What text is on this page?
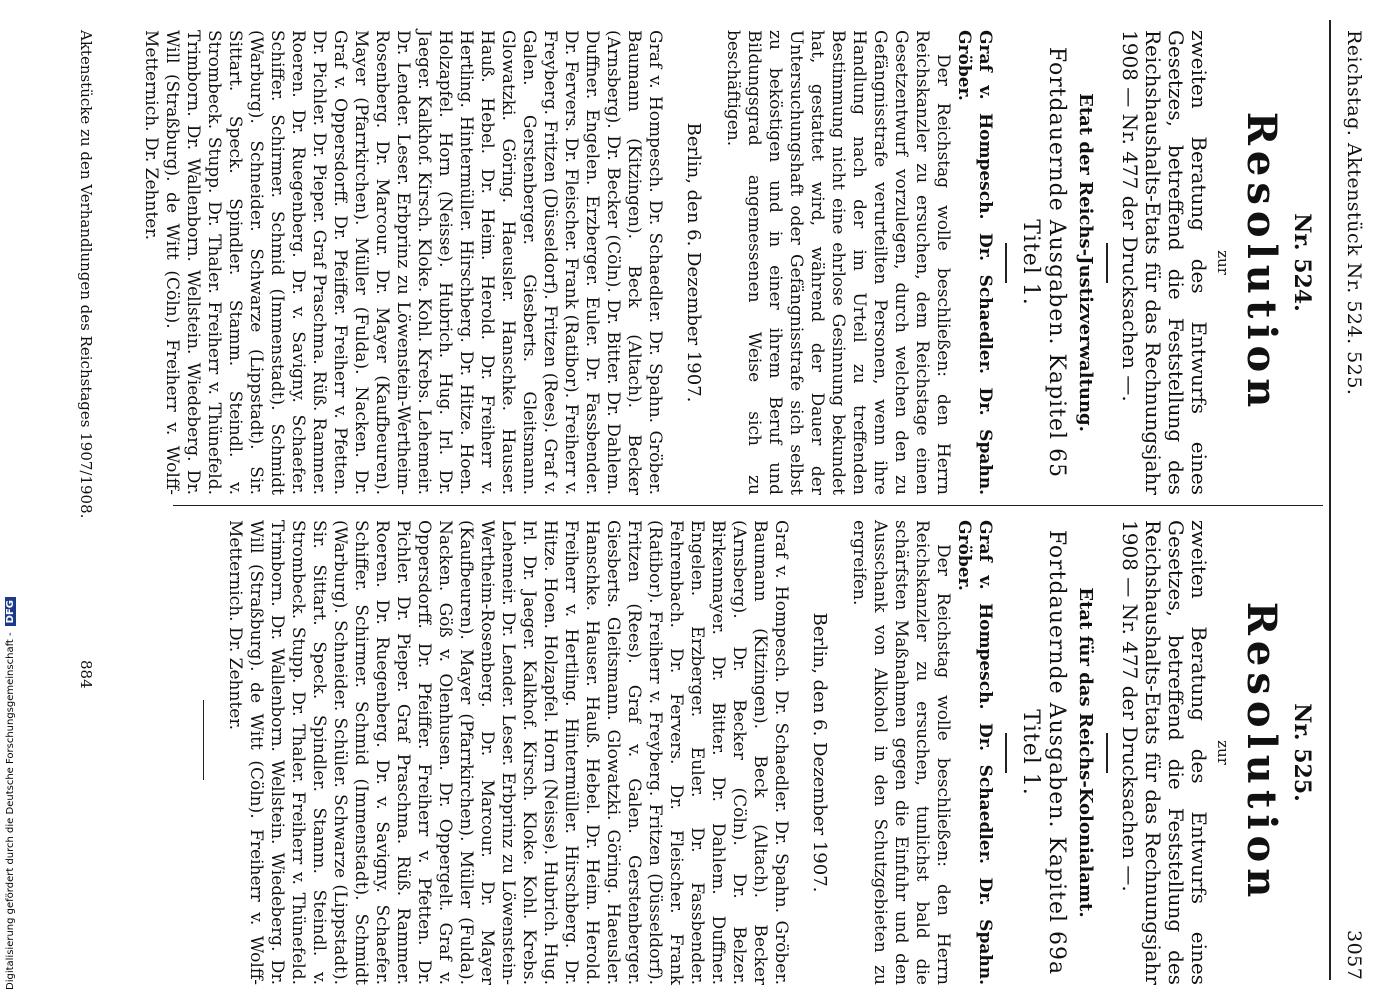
Reichstag. Aktenstück Nr. 524. 525.
3057
Nr. 524.
Resolution
zur
zweiten Beratung des Entwurfs eines Gesetzes, betreffend die Feststellung des Reichshaushalts-Etats für das Rechnungsjahr 1908 — Nr. 477 der Drucksachen —.
Etat der Reichs-Justizverwaltung.
Fortdauernde Ausgaben. Kapitel 65 Titel 1.
Graf v. Hompesch. Dr. Schaedler. Dr. Spahn. Gröber.
Der Reichstag wolle beschließen: den Herrn Reichskanzler zu ersuchen, dem Reichstage einen Gesetzentwurf vorzulegen, durch welchen den zu Gefängnisstrafe verurteilten Personen, wenn ihre Handlung nach der im Urteil zu treffenden Bestimmung nicht eine ehrlose Gesinnung bekundet hat, gestattet wird, während der Dauer der Untersuchungshaft oder Gefängnisstrafe sich selbst zu beköstigen und in einer ihrem Beruf und Bildungsgrad angemessenen Weise sich zu beschäftigen.
Berlin, den 6. Dezember 1907.
Graf v. Hompesch. Dr. Schaedler. Dr. Spahn. Gröber. Baumann (Kitzingen). Beck (Altach). Becker (Arnsberg). Dr. Becker (Cöln). Dr. Bitter. Dr. Dahlem. Duffner. Engelen. Erzberger. Euler. Dr. Fassbender. Dr. Fervers. Dr. Fleischer. Frank (Ratibor). Freiherr v. Freyberg. Fritzen (Düsseldorf). Fritzen (Rees). Graf v. Galen. Gerstenberger. Giesberts. Gleitsmann. Glowatzki. Göring. Haeusler. Hanschke. Hauser. Hauß. Hebel. Dr. Heim. Herold. Dr. Freiherr v. Hertling. Hintermüller. Hirschberg. Dr. Hitze. Hoen. Holzapfel. Horn (Neisse). Hubrich. Hug. Irl. Dr. Jaeger. Kalkhof. Kirsch. Kloke. Kohl. Krebs. Lehemeir. Dr. Lender. Leser. Erbprinz zu Löwenstein-Wertheim-Rosenberg. Dr. Marcour. Dr. Mayer (Kaufbeuren). Mayer (Pfarrkirchen). Müller (Fulda). Nacken. Dr. Graf v. Oppersdorff. Dr. Pfeiffer. Freiherr v. Pfetten. Dr. Pichler. Dr. Pieper. Graf Praschma. Rüß. Rammer. Roeren. Dr. Ruegenberg. Dr. v. Savigny. Schaefer. Schiffer. Schirmer. Schmid (Immenstadt). Schmidt (Warburg). Schneider. Schwarze (Lippstadt). Sir. Sittart. Speck. Spindler. Stamm. Steindl. v. Strombeck. Stupp. Dr. Thaler. Freiherr v. Thünefeld. Trimborn. Dr. Wallenborn. Wellstein. Wiedeberg. Dr. Will (Straßburg). de Witt (Cöln). Freiherr v. Wolff-Metternich. Dr. Zehnter.
Nr. 525.
Resolution
zur
zweiten Beratung des Entwurfs eines Gesetzes, betreffend die Feststellung des Reichshaushalts-Etats für das Rechnungsjahr 1908 — Nr. 477 der Drucksachen —.
Etat für das Reichs-Kolonialamt.
Fortdauernde Ausgaben. Kapitel 69a Titel 1.
Graf v. Hompesch. Dr. Schaedler. Dr. Spahn. Gröber.
Der Reichstag wolle beschließen: den Herrn Reichskanzler zu ersuchen, tunlichst bald die schärfsten Maßnahmen gegen die Einfuhr und den Ausschank von Alkohol in den Schutzgebieten zu ergreifen.
Berlin, den 6. Dezember 1907.
Graf v. Hompesch. Dr. Schaedler. Dr. Spahn. Gröber. Baumann (Kitzingen). Beck (Altach). Becker (Arnsberg). Dr. Becker (Cöln). Dr. Belzer. Birkenmayer. Dr. Bitter. Dr. Dahlem. Duffner. Engelen. Erzberger. Euler. Dr. Fassbender. Fehrenbach. Dr. Fervers. Dr. Fleischer. Frank (Ratibor). Freiherr v. Freyberg. Fritzen (Düsseldorf). Fritzen (Rees). Graf v. Galen. Gerstenberger. Giesberts. Gleitsmann. Glowatzki. Göring. Haeusler. Hanschke. Hauser. Hauß. Hebel. Dr. Heim. Herold. Freiherr v. Hertling. Hintermüller. Hirschberg. Dr. Hitze. Hoen. Holzapfel. Horn (Neisse). Hubrich. Hug. Irl. Dr. Jaeger. Kalkhof. Kirsch. Kloke. Kohl. Krebs. Lehemeir. Dr. Lender. Leser. Erbprinz zu Löwenstein-Wertheim-Rosenberg. Dr. Marcour. Dr. Mayer (Kaufbeuren). Mayer (Pfarrkirchen). Müller (Fulda). Nacken. Göß v. Olenhusen. Dr. Oppergelt. Graf v. Oppersdorff. Dr. Pfeiffer. Freiherr v. Pfetten. Dr. Pichler. Dr. Pieper. Graf Praschma. Rüß. Rammer. Roeren. Dr. Ruegenberg. Dr. v. Savigny. Schaefer. Schiffer. Schirmer. Schmid (Immenstadt). Schmidt (Warburg). Schneider. Schüler. Schwarze (Lippstadt). Sir. Sittart. Speck. Spindler. Stamm. Steindl. v. Strombeck. Stupp. Dr. Thaler. Freiherr v. Thünefeld. Trimborn. Dr. Wallenborn. Wellstein. Wiedeberg. Dr. Will (Straßburg). de Witt (Cöln). Freiherr v. Wolff-Metternich. Dr. Zehnter.
Aktenstücke zu den Verhandlungen des Reichstages 1907/1908.
884
Digitalisierung gefördert durch die Deutsche Forschungsgemeinschaft -DFG
